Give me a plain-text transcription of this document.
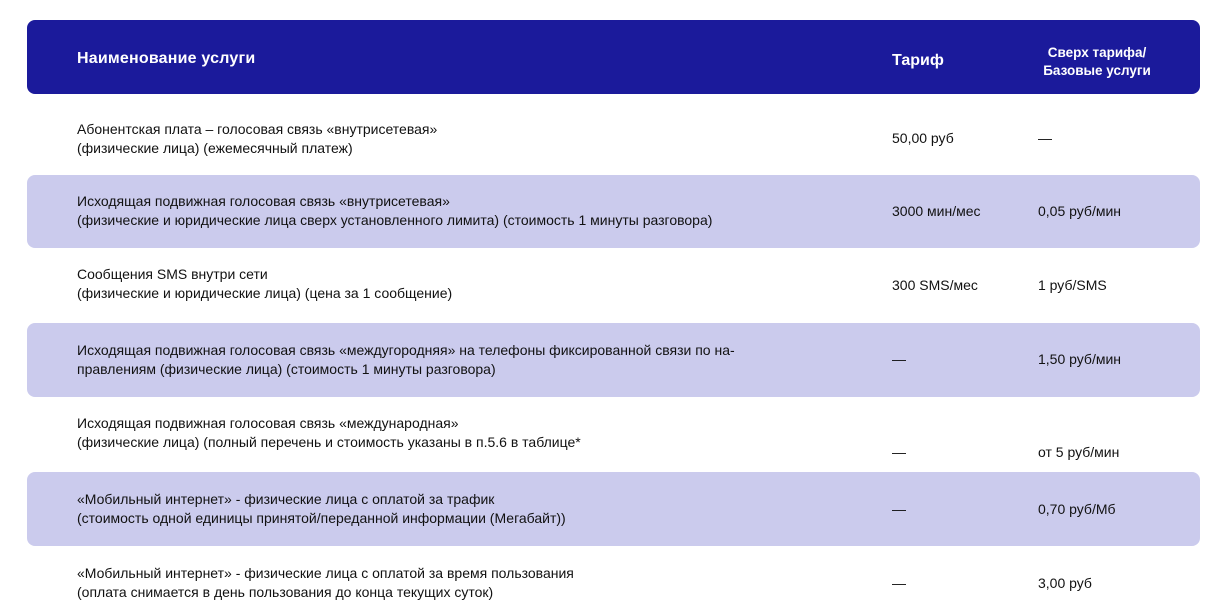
Наименование услуги	Тариф	Сверх тарифа/
Базовые услуги
Абонентская плата – голосовая связь «внутрисетевая»
(физические лица) (ежемесячный платеж)
50,00 руб	—
Исходящая подвижная голосовая связь «внутрисетевая»
(физические и юридические лица сверх установленного лимита) (стоимость 1 минуты разговора)
3000 мин/мес	0,05 руб/мин
Сообщения SMS внутри сети
(физические и юридические лица) (цена за 1 сообщение)	300 SMS/мес	1 руб/SMS
Исходящая подвижная голосовая связь «междугородняя» на телефоны фиксированной связи по на-
правлениям (физические лица) (стоимость 1 минуты разговора)
—	1,50 руб/мин
Исходящая подвижная голосовая связь «международная»
(физические лица) (полный перечень и стоимость указаны в п.5.6 в таблице*
—	от 5 руб/мин
«Мобильный интернет» - физические лица с оплатой за трафик
(стоимость одной единицы принятой/переданной информации (Мегабайт))
—	0,70 руб/Мб
«Мобильный интернет» - физические лица с оплатой за время пользования
(оплата снимается в день пользования до конца текущих суток)
—	3,00 руб
